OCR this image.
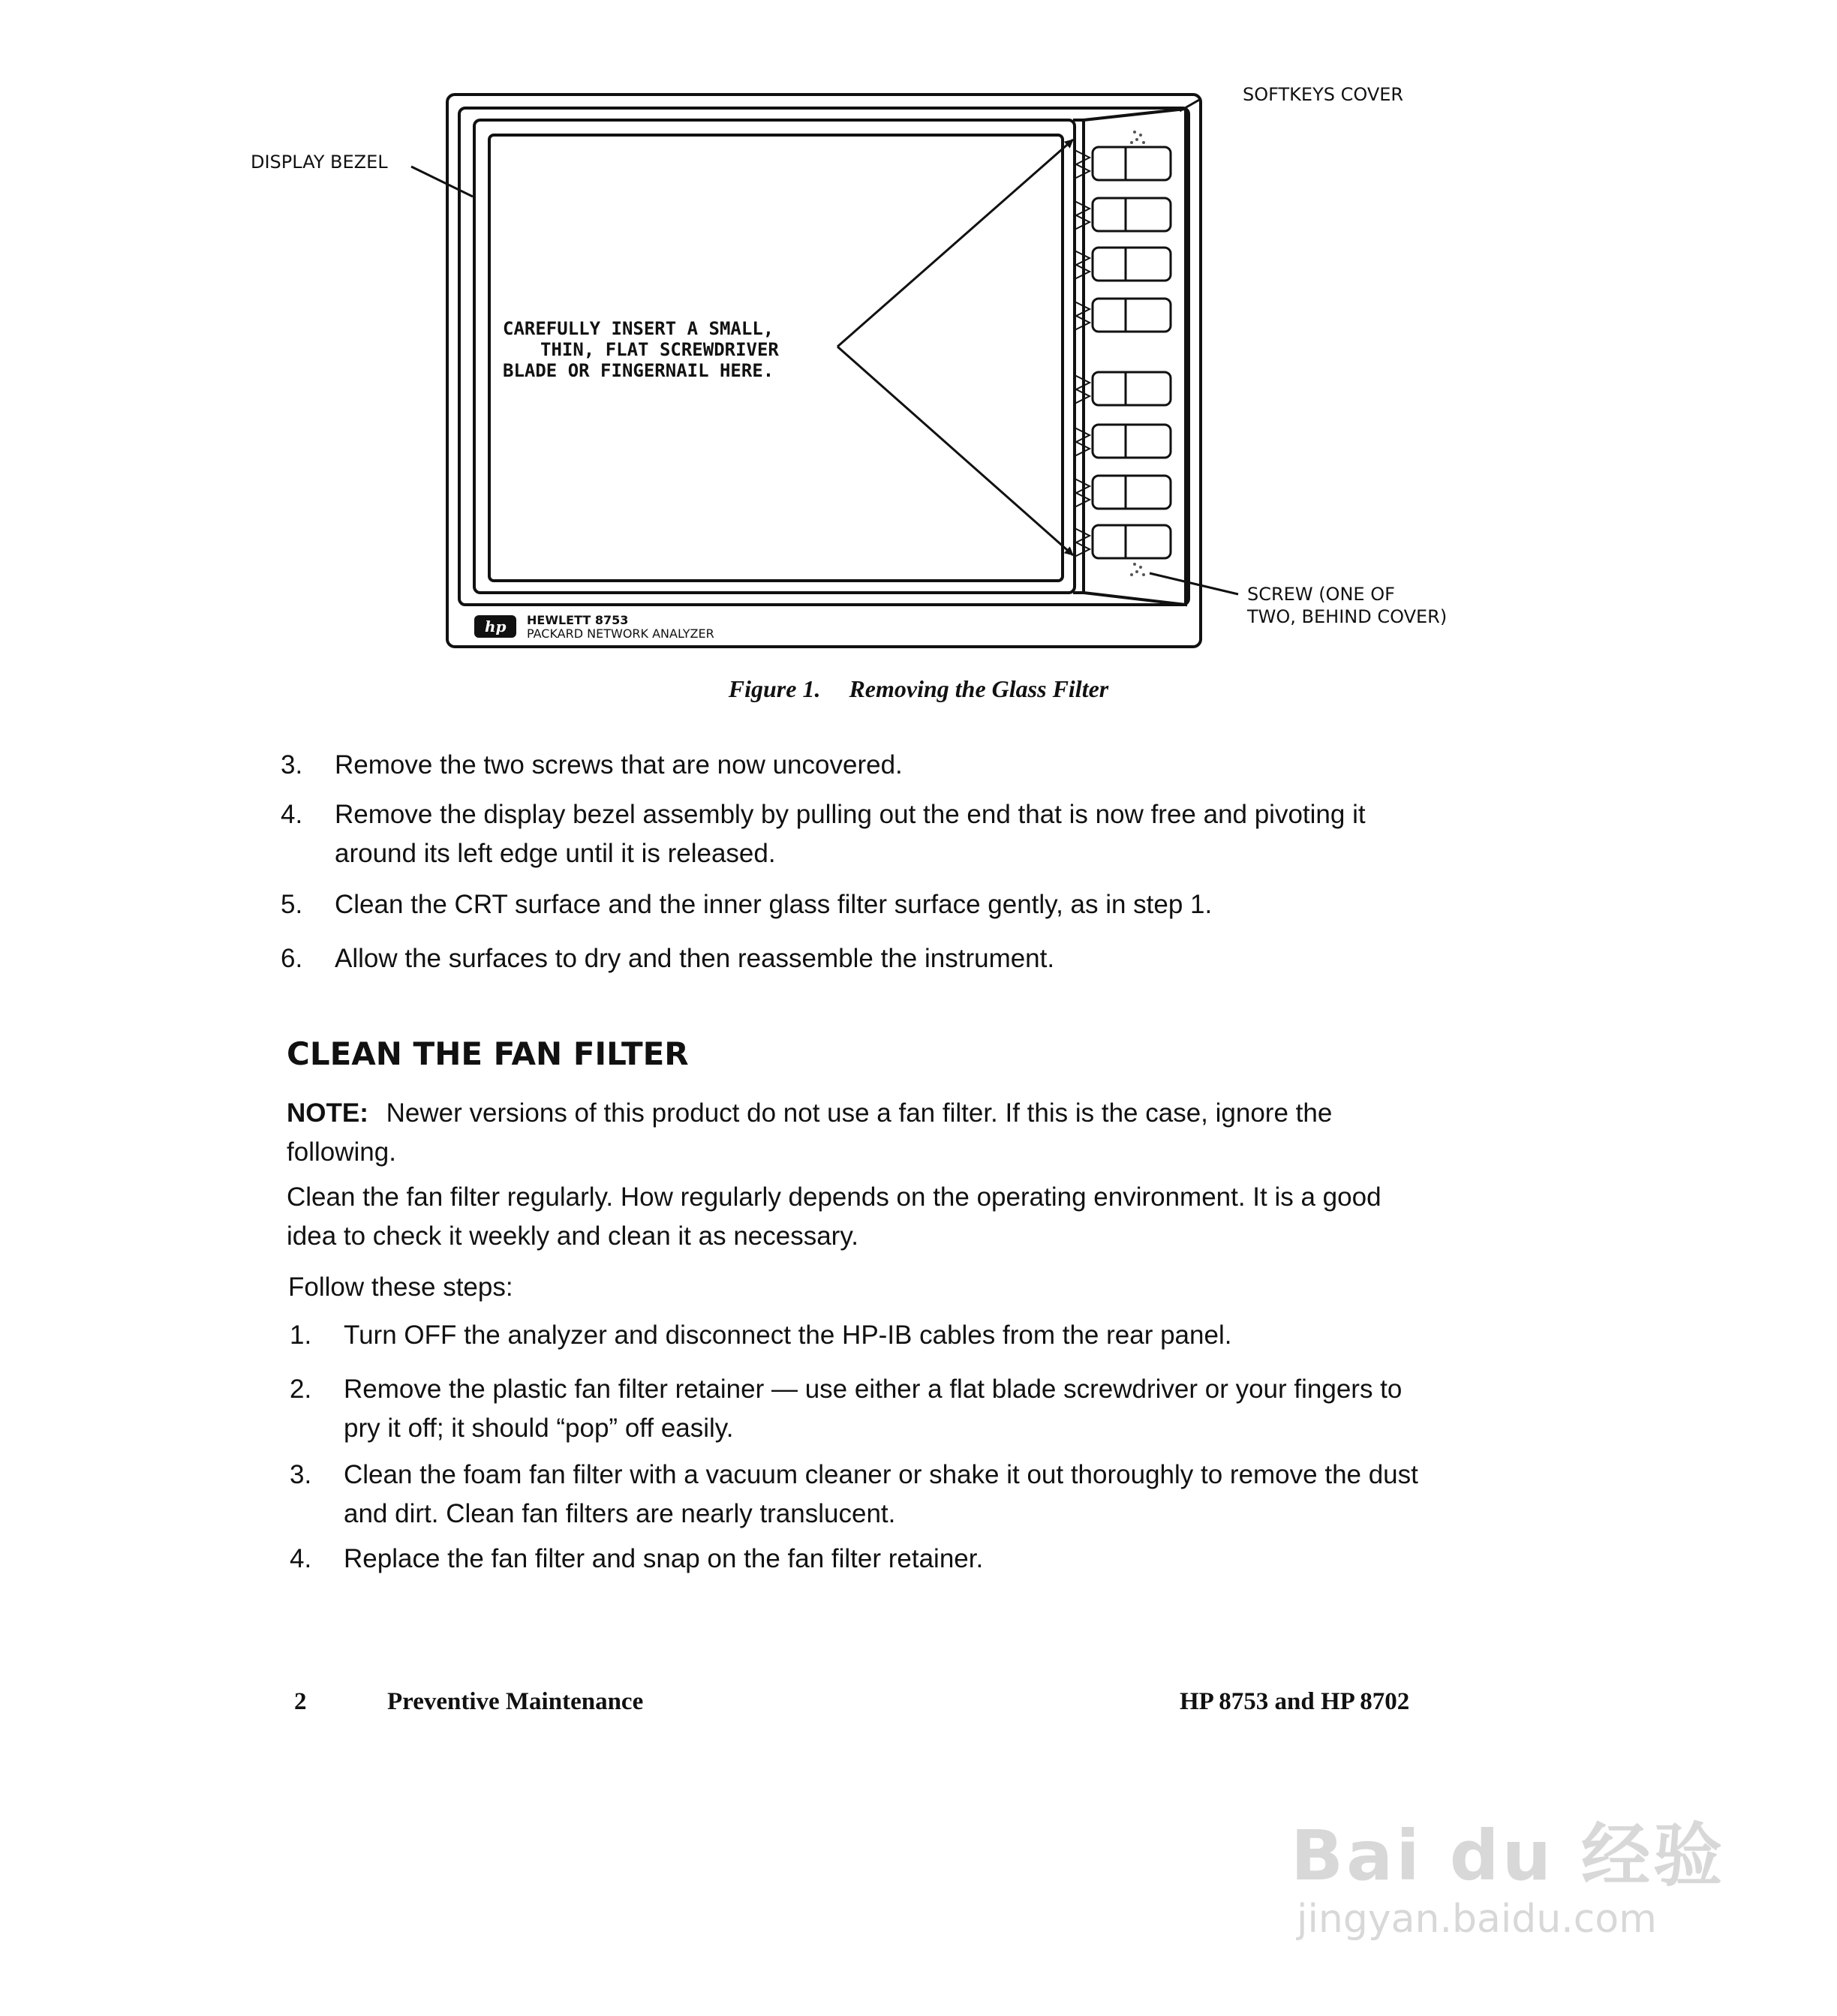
DISPLAY BEZEL
SOFTKEYS COVER
SCREW (ONE OF
TWO, BEHIND COVER)
CAREFULLY INSERT A SMALL,
THIN, FLAT SCREWDRIVER
BLADE OR FINGERNAIL HERE.
hp HEWLETT 8753
PACKARD NETWORK ANALYZER
Figure 1. Removing the Glass Filter
3. Remove the two screws that are now uncovered.
4. Remove the display bezel assembly by pulling out the end that is now free and pivoting it around its left edge until it is released.
5. Clean the CRT surface and the inner glass filter surface gently, as in step 1.
6. Allow the surfaces to dry and then reassemble the instrument.
CLEAN THE FAN FILTER
NOTE: Newer versions of this product do not use a fan filter. If this is the case, ignore the following.
Clean the fan filter regularly. How regularly depends on the operating environment. It is a good idea to check it weekly and clean it as necessary.
Follow these steps:
1. Turn OFF the analyzer and disconnect the HP-IB cables from the rear panel.
2. Remove the plastic fan filter retainer — use either a flat blade screwdriver or your fingers to pry it off; it should “pop” off easily.
3. Clean the foam fan filter with a vacuum cleaner or shake it out thoroughly to remove the dust and dirt. Clean fan filters are nearly translucent.
4. Replace the fan filter and snap on the fan filter retainer.
2	Preventive Maintenance	HP 8753 and HP 8702
Bai du 经验
jingyan.baidu.com
